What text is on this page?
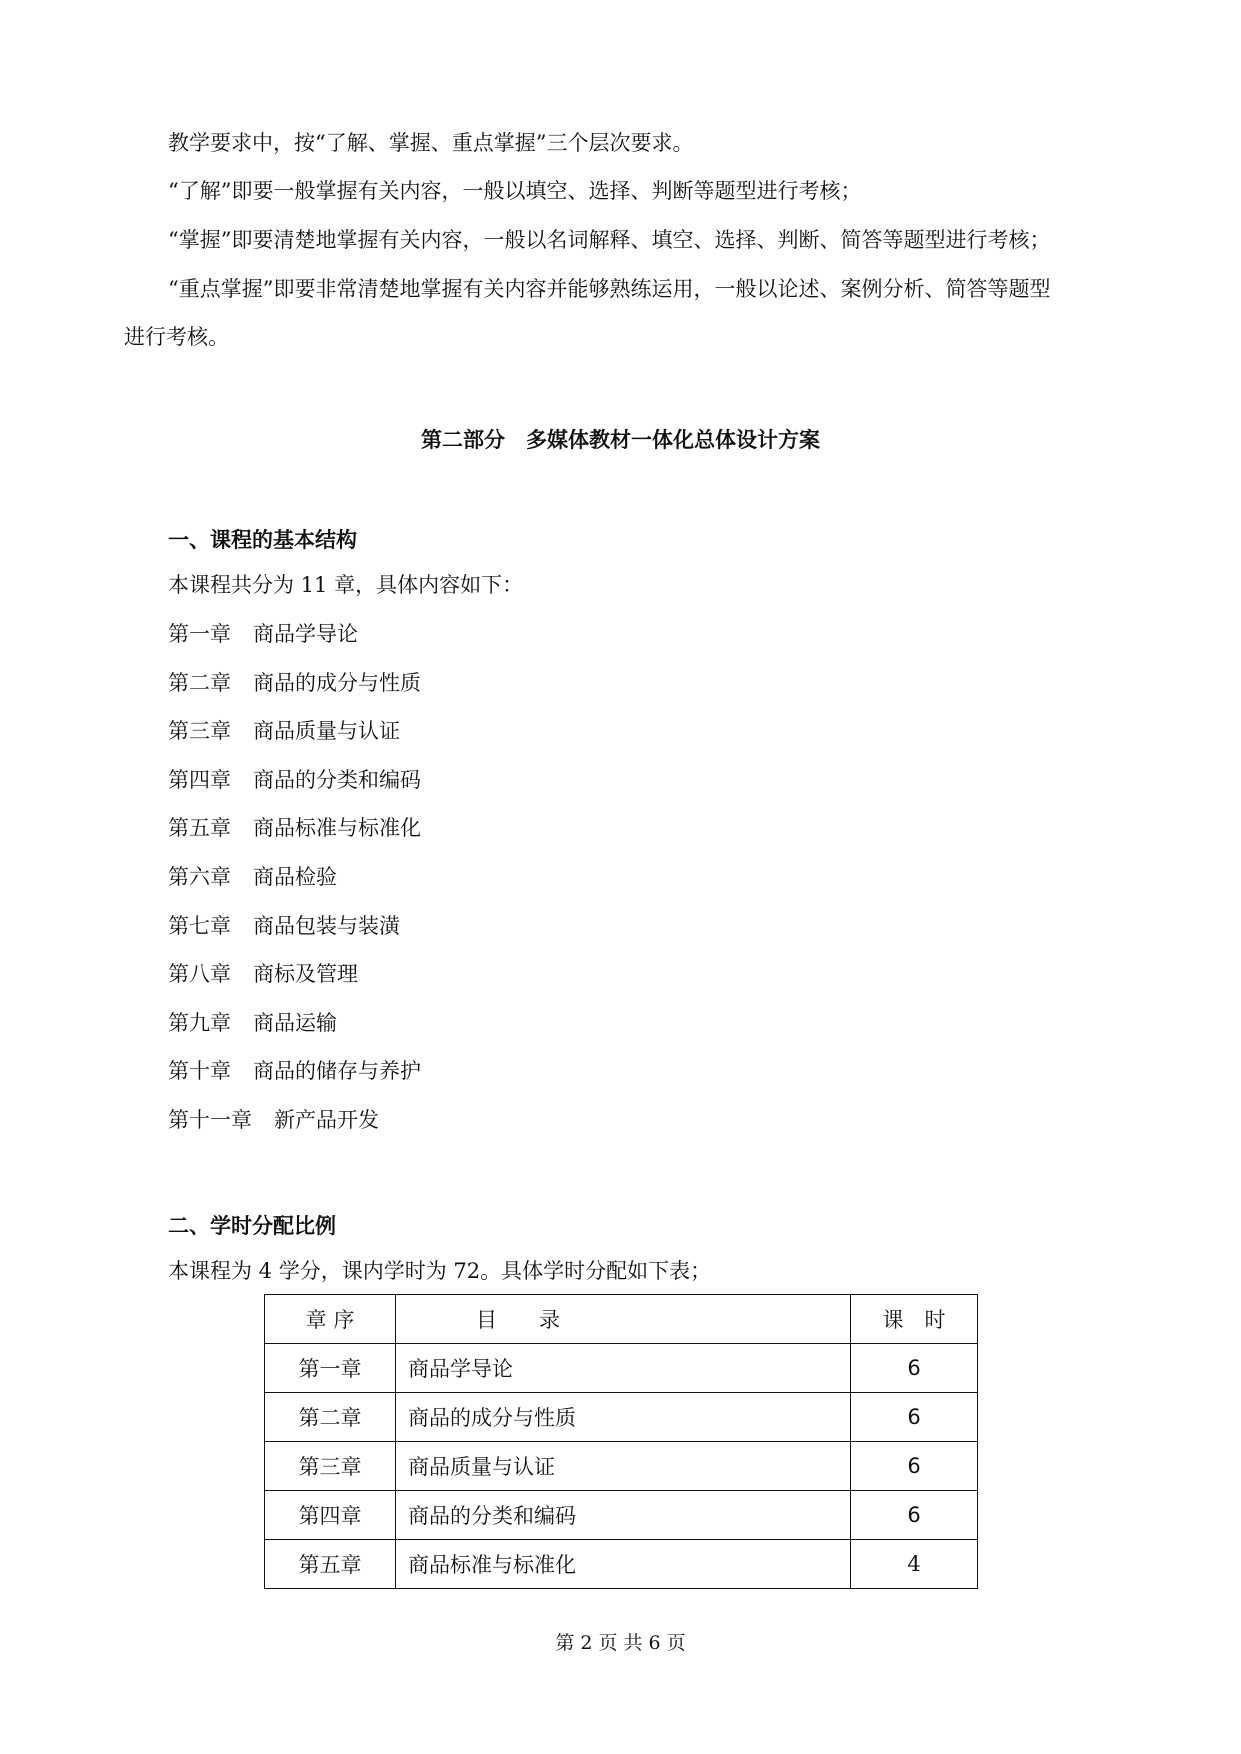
教学要求中，按“了解、掌握、重点掌握”三个层次要求。
“了解”即要一般掌握有关内容，一般以填空、选择、判断等题型进行考核；
“掌握”即要清楚地掌握有关内容，一般以名词解释、填空、选择、判断、简答等题型进行考核；
“重点掌握”即要非常清楚地掌握有关内容并能够熟练运用，一般以论述、案例分析、简答等题型
进行考核。
第二部分　多媒体教材一体化总体设计方案
一、课程的基本结构
本课程共分为 11 章，具体内容如下：
第一章 商品学导论
第二章 商品的成分与性质
第三章 商品质量与认证
第四章 商品的分类和编码
第五章 商品标准与标准化
第六章 商品检验
第七章 商品包装与装潢
第八章 商标及管理
第九章 商品运输
第十章 商品的储存与养护
第十一章 新产品开发
二、学时分配比例
本课程为 4 学分，课内学时为 72。具体学时分配如下表；
章 序	目　　录	课　时
第一章	商品学导论	6
第二章	商品的成分与性质	6
第三章	商品质量与认证	6
第四章	商品的分类和编码	6
第五章	商品标准与标准化	4
第 2 页 共 6 页
